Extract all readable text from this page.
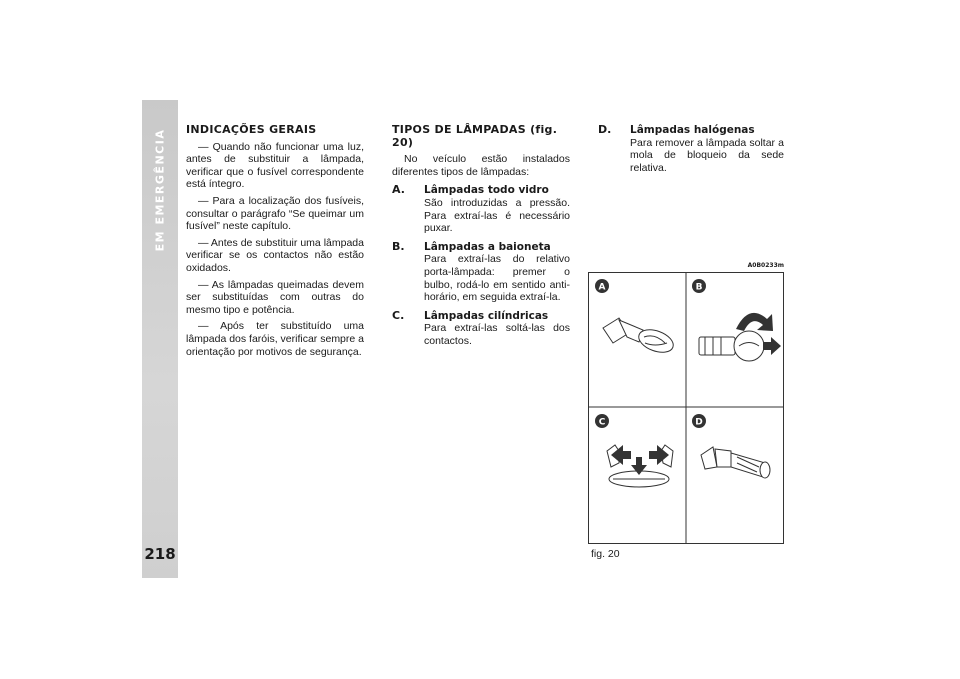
EM EMERGÊNCIA
218
INDICAÇÕES GERAIS

— Quando não funcionar uma luz, antes de substituir a lâmpada, verificar que o fusível correspondente está íntegro.

— Para a localização dos fusíveis, consultar o parágrafo “Se queimar um fusível” neste capítulo.

— Antes de substituir uma lâmpada verificar se os contactos não estão oxidados.

— As lâmpadas queimadas devem ser substituídas com outras do mesmo tipo e potência.

— Após ter substituído uma lâmpada dos faróis, verificar sempre a orientação por motivos de segurança.

TIPOS DE LÂMPADAS (fig. 20)

No veículo estão instalados diferentes tipos de lâmpadas:

A. Lâmpadas todo vidro
São introduzidas a pressão. Para extraí-las é necessário puxar.
B. Lâmpadas a baioneta
Para extraí-las do relativo porta-lâmpada: premer o bulbo, rodá-lo em sentido anti-horário, em seguida extraí-la.
C. Lâmpadas cilíndricas
Para extraí-las soltá-las dos contactos.
D. Lâmpadas halógenas
Para remover a lâmpada soltar a mola de bloqueio da sede relativa.
A0B0233m
A	B
C	D
fig. 20
